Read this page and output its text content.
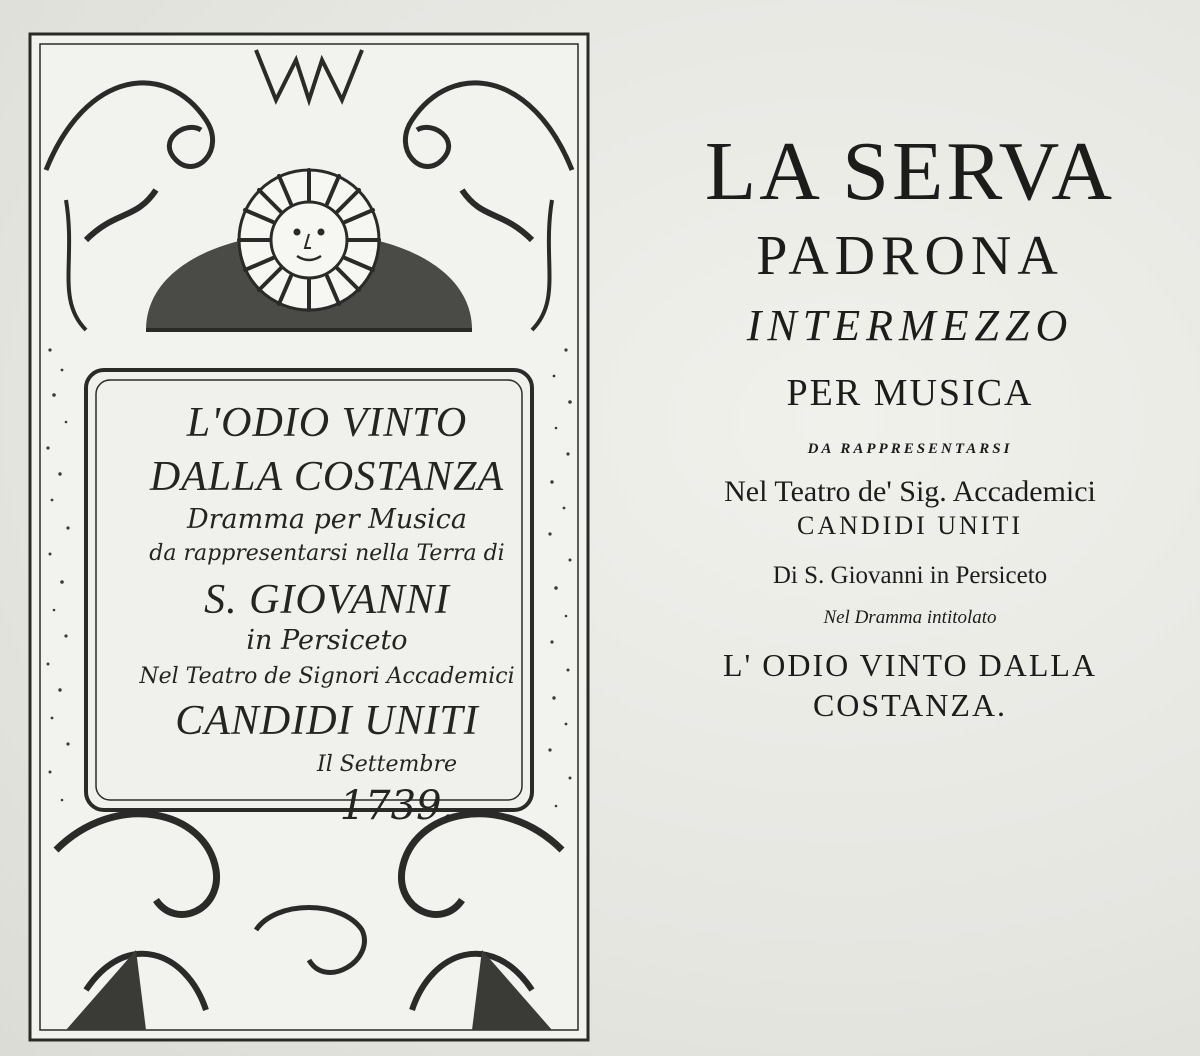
L'ODIO VINTO
DALLA COSTANZA
Dramma per Musica
da rappresentarsi nella Terra di
S. GIOVANNI
in Persiceto
Nel Teatro de Signori Accademici
CANDIDI UNITI
Il Settembre
1739.
LA SERVA
PADRONA
INTERMEZZO
PER MUSICA
DA RAPPRESENTARSI
Nel Teatro de' Sig. Accademici
CANDIDI UNITI
Di S. Giovanni in Persiceto
Nel Dramma intitolato
L' ODIO VINTO DALLA
COSTANZA.
